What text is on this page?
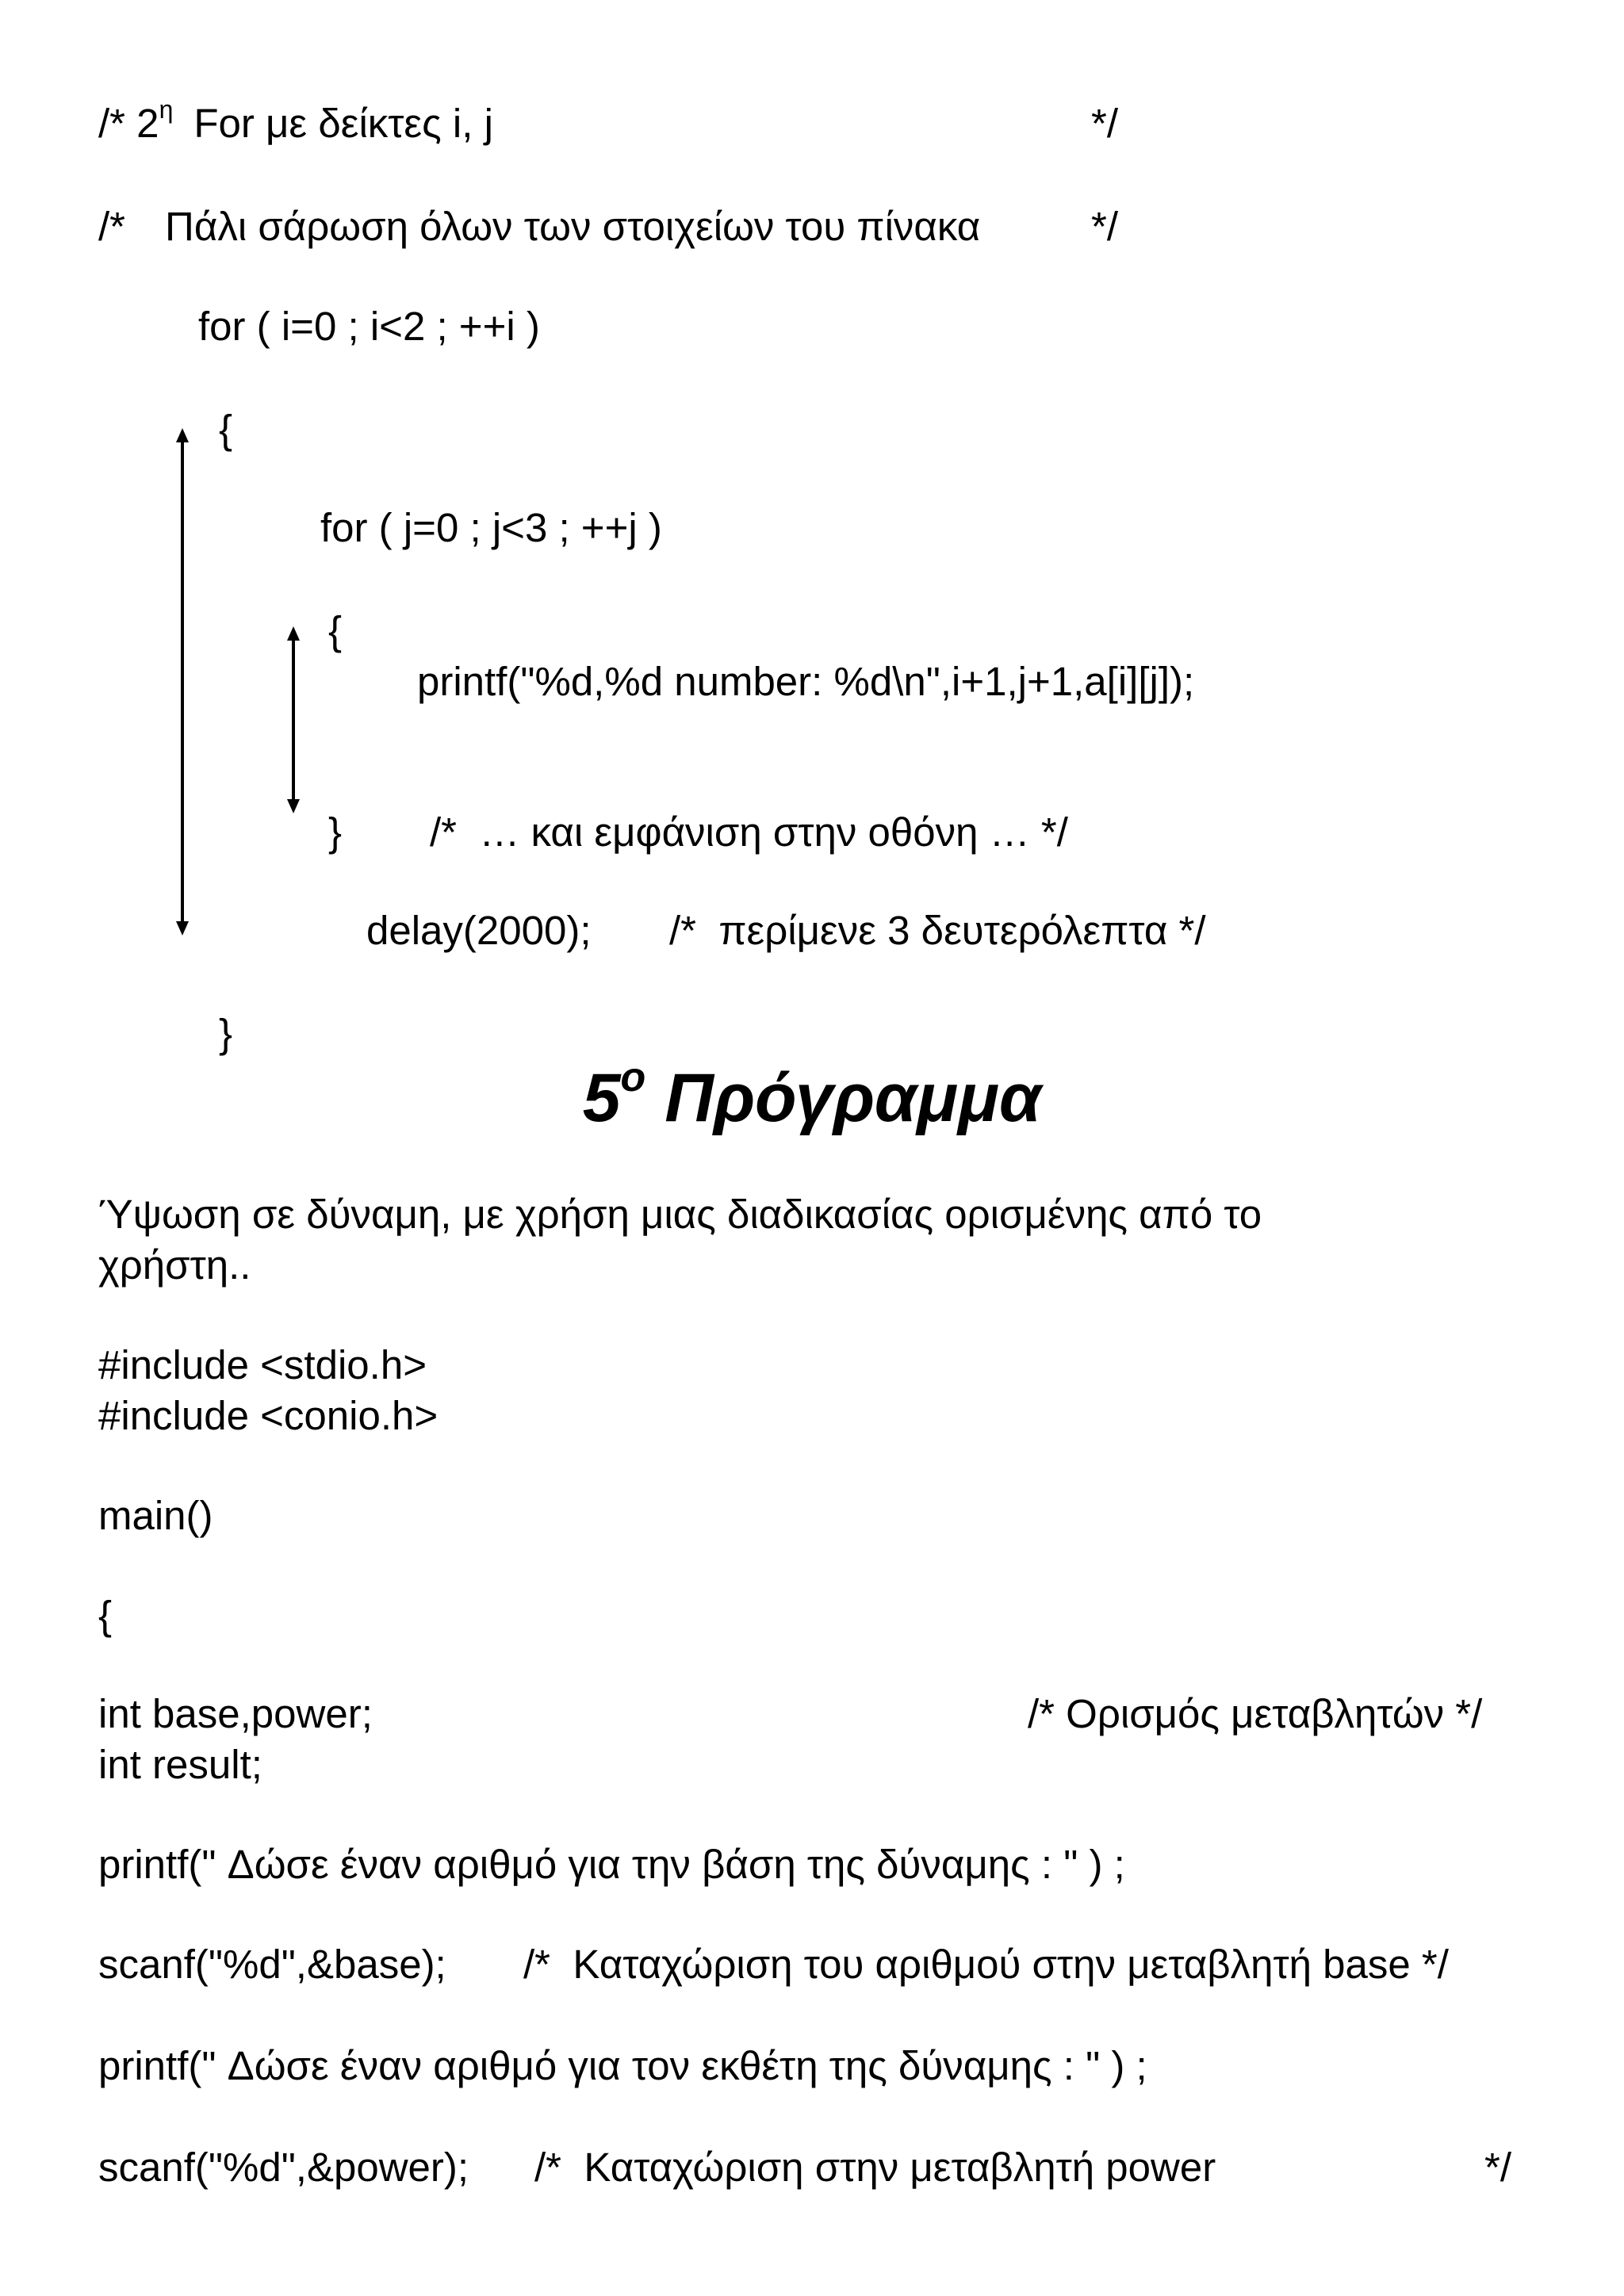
/* $2^\eta$ For με δείκτες i, j	*/
/* Πάλι σάρωση όλων των στοιχείων του πίνακα	*/
for ( i=0 ; i<2 ; ++i )
{
for ( j=0 ; j<3 ; ++j )
{
printf("%d,%d number: %d\n",i+1,j+1,a[i][j]);
} /*  … και εμφάνιση στην οθόνη … */
delay(2000); /*  περίμενε 3 δευτερόλεπτα */
}
$5^o$ Πρόγραμμα
Ύψωση σε δύναμη, με χρήση μιας διαδικασίας ορισμένης από το
χρήστη..
#include <stdio.h>
#include <conio.h>
main()
{
int base,power;	/* Ορισμός μεταβλητών */
int result;
printf(" Δώσε έναν αριθμό για την βάση της δύναμης : " ) ;
scanf("%d",&base); /*  Καταχώριση του αριθμού στην μεταβλητή base */
printf(" Δώσε έναν αριθμό για τον εκθέτη της δύναμης : " ) ;
scanf("%d",&power); /*  Καταχώριση στην μεταβλητή power	*/
